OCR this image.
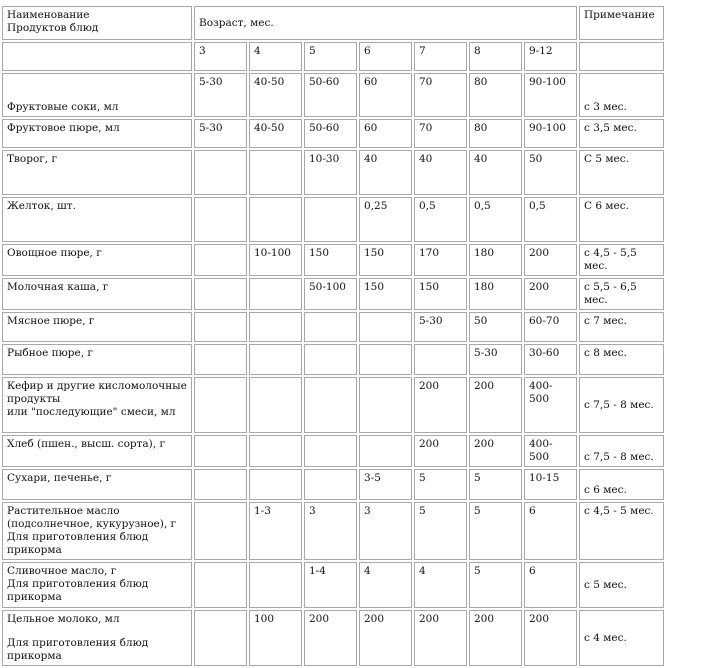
Наименование
Продуктов блюд	Возраст, мес.							Примечание
	3	4	5	6	7	8	9-12	

Фруктовые соки, мл	5-30	40-50	50-60	60	70	80	90-100	с 3 мес.

Фруктовое пюре, мл	5-30	40-50	50-60	60	70	80	90-100	с 3,5 мес.

Творог, г			10-30	40	40	40	50	С 5 мес.

Желток, шт.				0,25	0,5	0,5	0,5	С 6 мес.

Овощное пюре, г		10-100	150	150	170	180	200	с 4,5 - 5,5 мес.

Молочная каша, г			50-100	150	150	180	200	с 5,5 - 6,5 мес.

Мясное пюре, г					5-30	50	60-70	с 7 мес.

Рыбное пюре, г						5-30	30-60	с 8 мес.

Кефир и другие кисломолочные
продукты
или "последующие" смеси, мл					200	200	400-500	с 7,5 - 8 мес.

Хлеб (пшен., высш. сорта), г					200	200	400-500	с 7,5 - 8 мес.

Сухари, печенье, г				3-5	5	5	10-15	с 6 мес.

Растительное масло
(подсолнечное, кукурузное), г
Для приготовления блюд прикорма		1-3	3	3	5	5	6	с 4,5 - 5 мес.

Сливочное масло, г
Для приготовления блюд прикорма			1-4	4	4	5	6	с 5 мес.

Цельное молоко, мл
Для приготовления блюд прикорма		100	200	200	200	200	200	с 4 мес.
